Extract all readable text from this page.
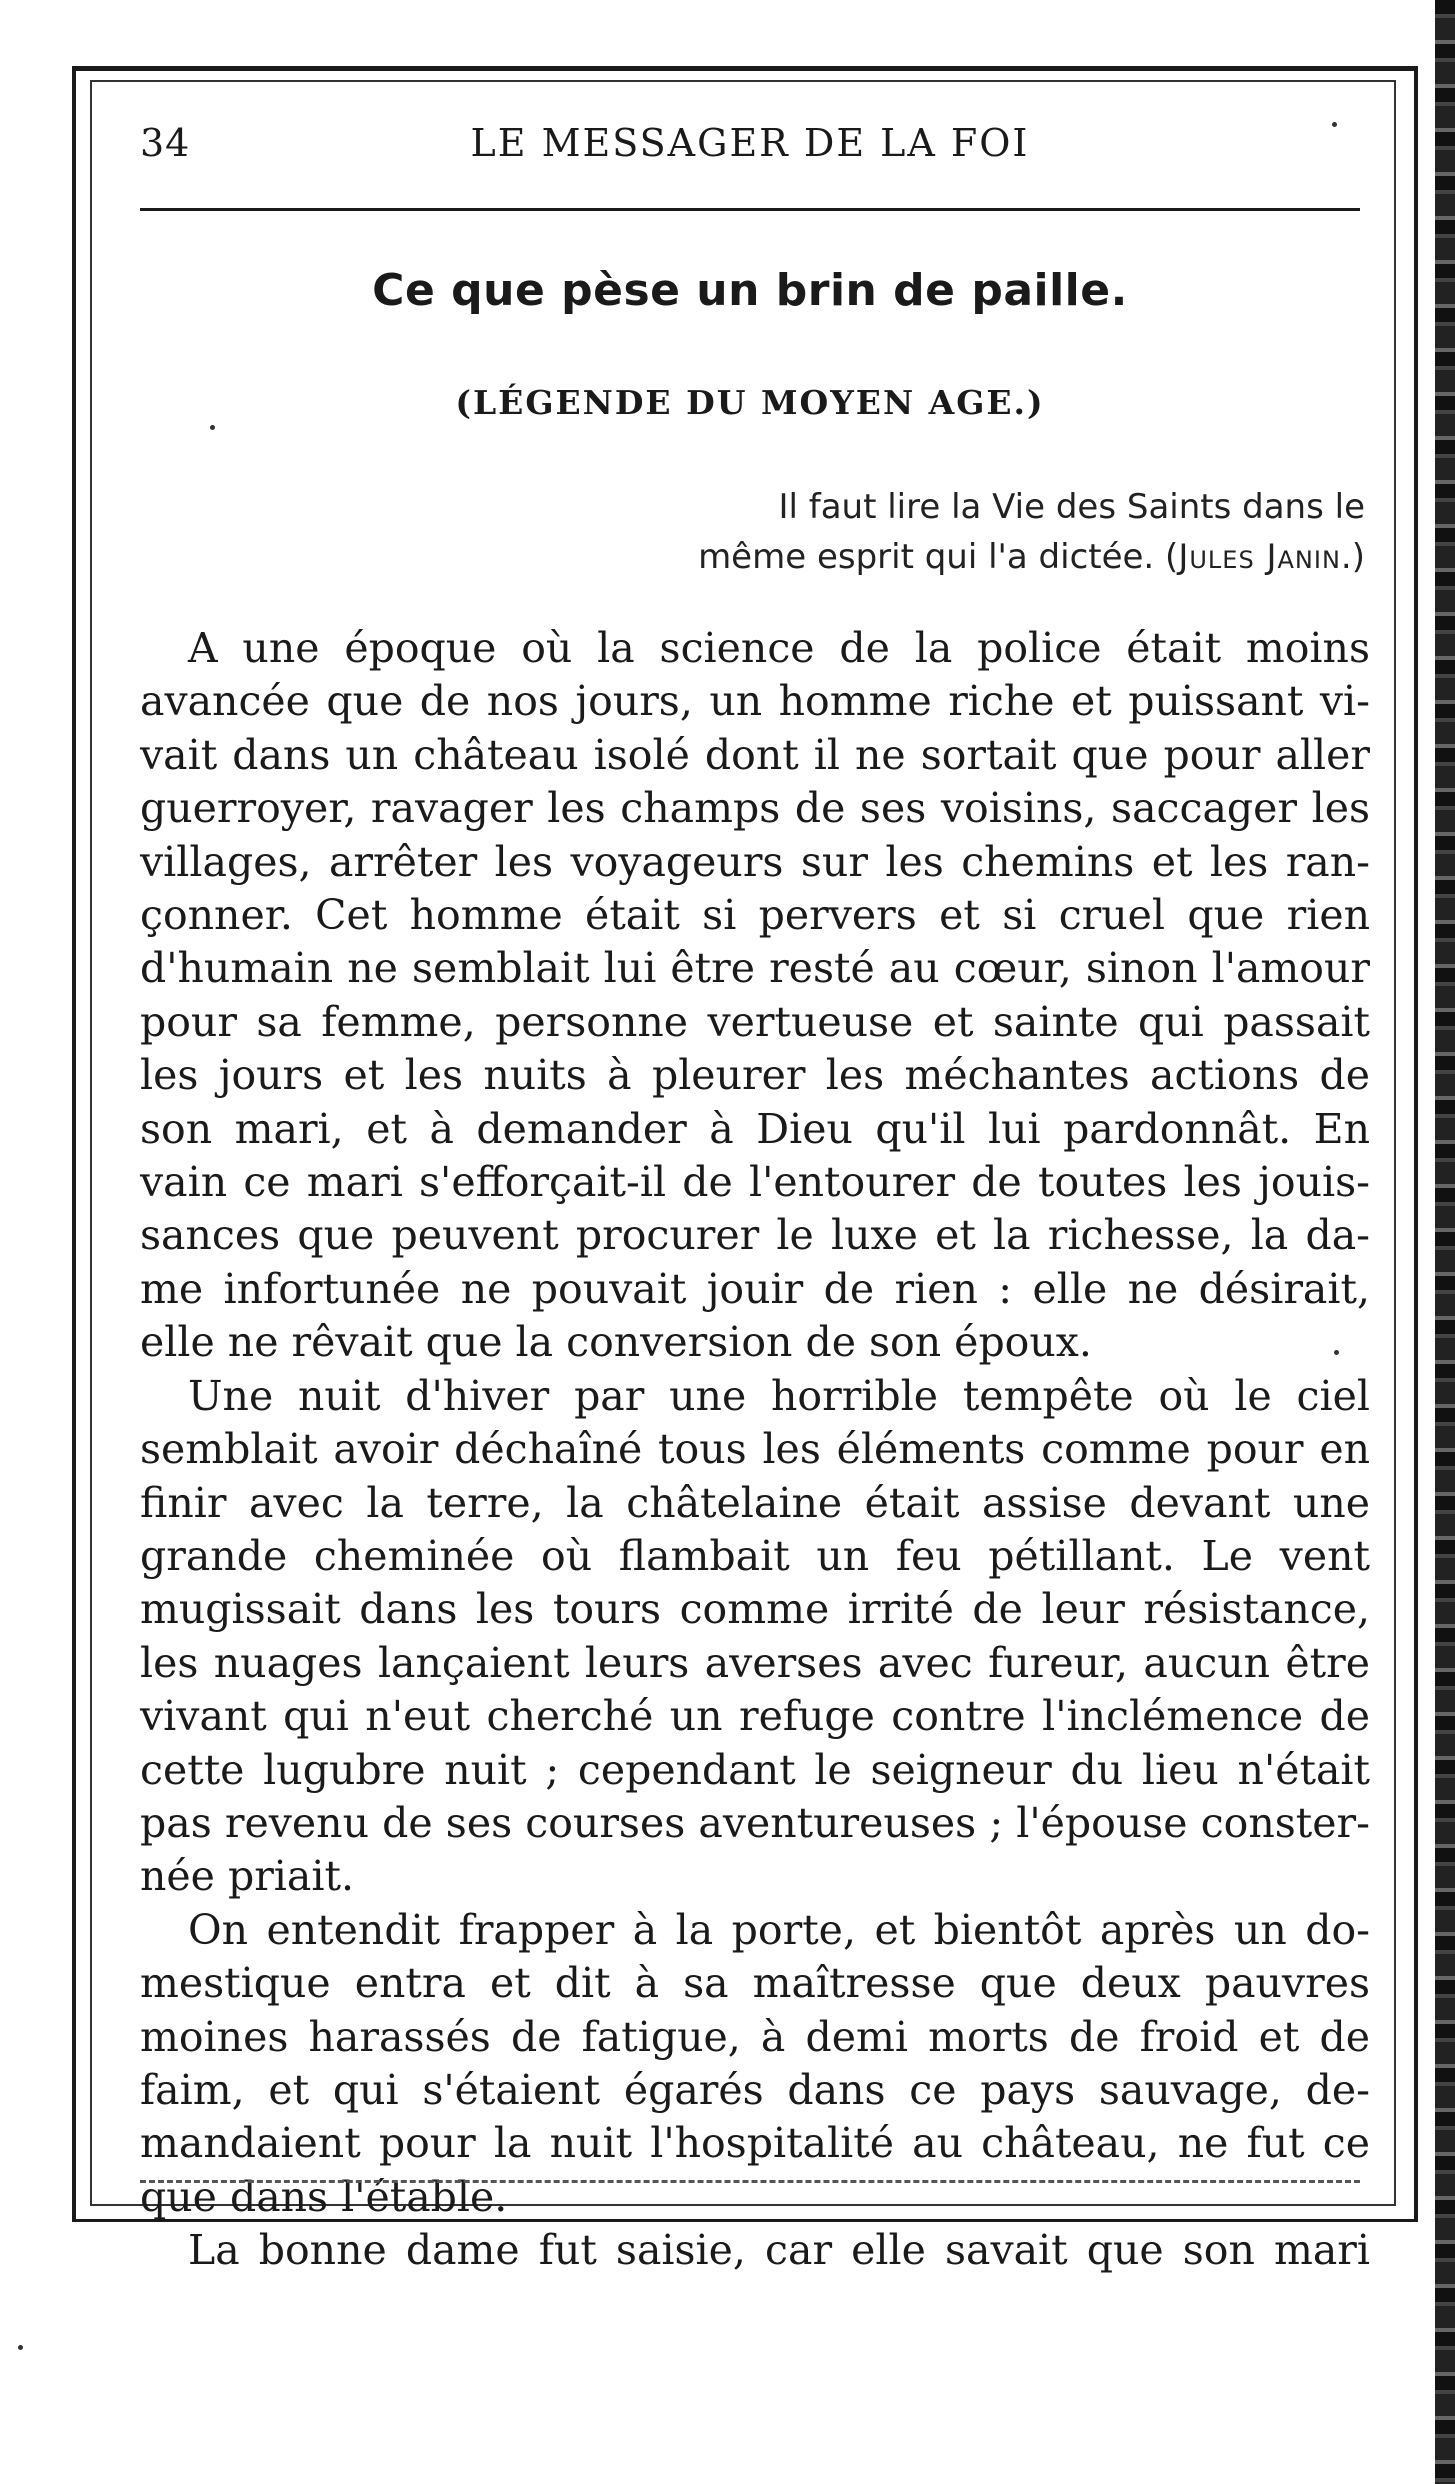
34	LE MESSAGER DE LA FOI
Ce que pèse un brin de paille.
(LÉGENDE DU MOYEN AGE.)
Il faut lire la Vie des Saints dans le
même esprit qui l'a dictée. (Jules Janin.)
A une époque où la science de la police était moins
avancée que de nos jours, un homme riche et puissant vi-
vait dans un château isolé dont il ne sortait que pour aller
guerroyer, ravager les champs de ses voisins, saccager les
villages, arrêter les voyageurs sur les chemins et les ran-
çonner. Cet homme était si pervers et si cruel que rien
d'humain ne semblait lui être resté au cœur, sinon l'amour
pour sa femme, personne vertueuse et sainte qui passait
les jours et les nuits à pleurer les méchantes actions de
son mari, et à demander à Dieu qu'il lui pardonnât. En
vain ce mari s'efforçait-il de l'entourer de toutes les jouis-
sances que peuvent procurer le luxe et la richesse, la da-
me infortunée ne pouvait jouir de rien : elle ne désirait,
elle ne rêvait que la conversion de son époux.
Une nuit d'hiver par une horrible tempête où le ciel
semblait avoir déchaîné tous les éléments comme pour en
finir avec la terre, la châtelaine était assise devant une
grande cheminée où flambait un feu pétillant. Le vent
mugissait dans les tours comme irrité de leur résistance,
les nuages lançaient leurs averses avec fureur, aucun être
vivant qui n'eut cherché un refuge contre l'inclémence de
cette lugubre nuit ; cependant le seigneur du lieu n'était
pas revenu de ses courses aventureuses ; l'épouse conster-
née priait.
On entendit frapper à la porte, et bientôt après un do-
mestique entra et dit à sa maîtresse que deux pauvres
moines harassés de fatigue, à demi morts de froid et de
faim, et qui s'étaient égarés dans ce pays sauvage, de-
mandaient pour la nuit l'hospitalité au château, ne fut ce
que dans l'étable.
La bonne dame fut saisie, car elle savait que son mari
